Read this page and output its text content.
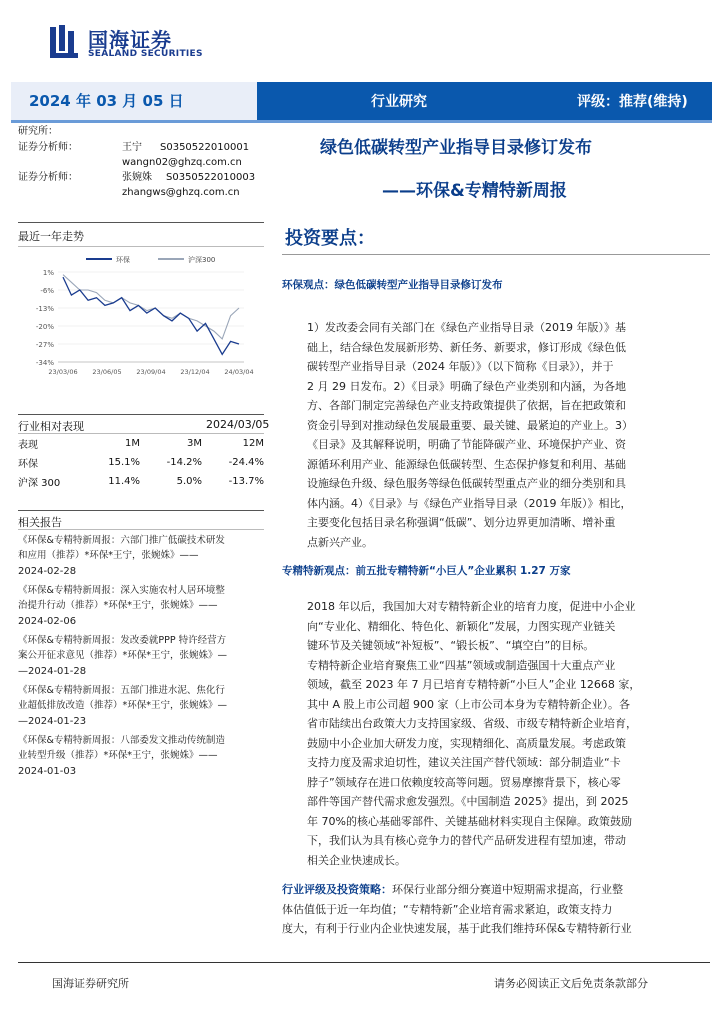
国海证券
SEALAND SECURITIES
2024 年 03 月 05 日	行业研究	评级：推荐(维持)
研究所：
证券分析师：	王宁 S0350522010001
wangn02@ghzq.com.cn
证券分析师：	张婉姝 S0350522010003
zhangws@ghzq.com.cn
绿色低碳转型产业指导目录修订发布
——环保&专精特新周报
最近一年走势
环保	沪深300
1%
-6%
-13%
-20%
-27%
-34%
23/03/06 23/06/05 23/09/04 23/12/04 24/03/04
行业相对表现	2024/03/05
表现	1M	3M	12M
环保	15.1%	-14.2%	-24.4%
沪深 300	11.4%	5.0%	-13.7%
相关报告
《环保&专精特新周报：六部门推广低碳技术研发
和应用（推荐）*环保*王宁，张婉姝》——
2024-02-28
《环保&专精特新周报：深入实施农村人居环境整
治提升行动（推荐）*环保*王宁，张婉姝》——
2024-02-06
《环保&专精特新周报：发改委就PPP 特许经营方
案公开征求意见（推荐）*环保*王宁，张婉姝》—
—2024-01-28
《环保&专精特新周报：五部门推进水泥、焦化行
业超低排放改造（推荐）*环保*王宁，张婉姝》—
—2024-01-23
《环保&专精特新周报：八部委发文推动传统制造
业转型升级（推荐）*环保*王宁，张婉姝》——
2024-01-03
投资要点：
环保观点：绿色低碳转型产业指导目录修订发布
1）发改委会同有关部门在《绿色产业指导目录（2019 年版）》基
础上，结合绿色发展新形势、新任务、新要求，修订形成《绿色低
碳转型产业指导目录（2024 年版）》（以下简称《目录》），并于
2 月 29 日发布。2）《目录》明确了绿色产业类别和内涵，为各地
方、各部门制定完善绿色产业支持政策提供了依据，旨在把政策和
资金引导到对推动绿色发展最重要、最关键、最紧迫的产业上。3）
《目录》及其解释说明，明确了节能降碳产业、环境保护产业、资
源循环利用产业、能源绿色低碳转型、生态保护修复和利用、基础
设施绿色升级、绿色服务等绿色低碳转型重点产业的细分类别和具
体内涵。4）《目录》与《绿色产业指导目录（2019 年版）》相比，
主要变化包括目录名称强调“低碳”、划分边界更加清晰、增补重
点新兴产业。
专精特新观点：前五批专精特新“小巨人”企业累积 1.27 万家
2018 年以后，我国加大对专精特新企业的培育力度，促进中小企业
向“专业化、精细化、特色化、新颖化”发展，力图实现产业链关
键环节及关键领域“补短板”、“锻长板”、“填空白”的目标。
专精特新企业培育聚焦工业“四基”领域或制造强国十大重点产业
领域，截至 2023 年 7 月已培育专精特新“小巨人”企业 12668 家，
其中 A 股上市公司超 900 家（上市公司本身为专精特新企业）。各
省市陆续出台政策大力支持国家级、省级、市级专精特新企业培育，
鼓励中小企业加大研发力度，实现精细化、高质量发展。考虑政策
支持力度及需求迫切性，建议关注国产替代领域：部分制造业“卡
脖子”领域存在进口依赖度较高等问题。贸易摩擦背景下，核心零
部件等国产替代需求愈发强烈。《中国制造 2025》提出，到 2025
年 70%的核心基础零部件、关键基础材料实现自主保障。政策鼓励
下，我们认为具有核心竞争力的替代产品研发进程有望加速，带动
相关企业快速成长。
行业评级及投资策略：环保行业部分细分赛道中短期需求提高，行业整
体估值低于近一年均值；“专精特新”企业培育需求紧迫，政策支持力
度大，有利于行业内企业快速发展，基于此我们维持环保&专精特新行业
国海证券研究所	请务必阅读正文后免责条款部分
